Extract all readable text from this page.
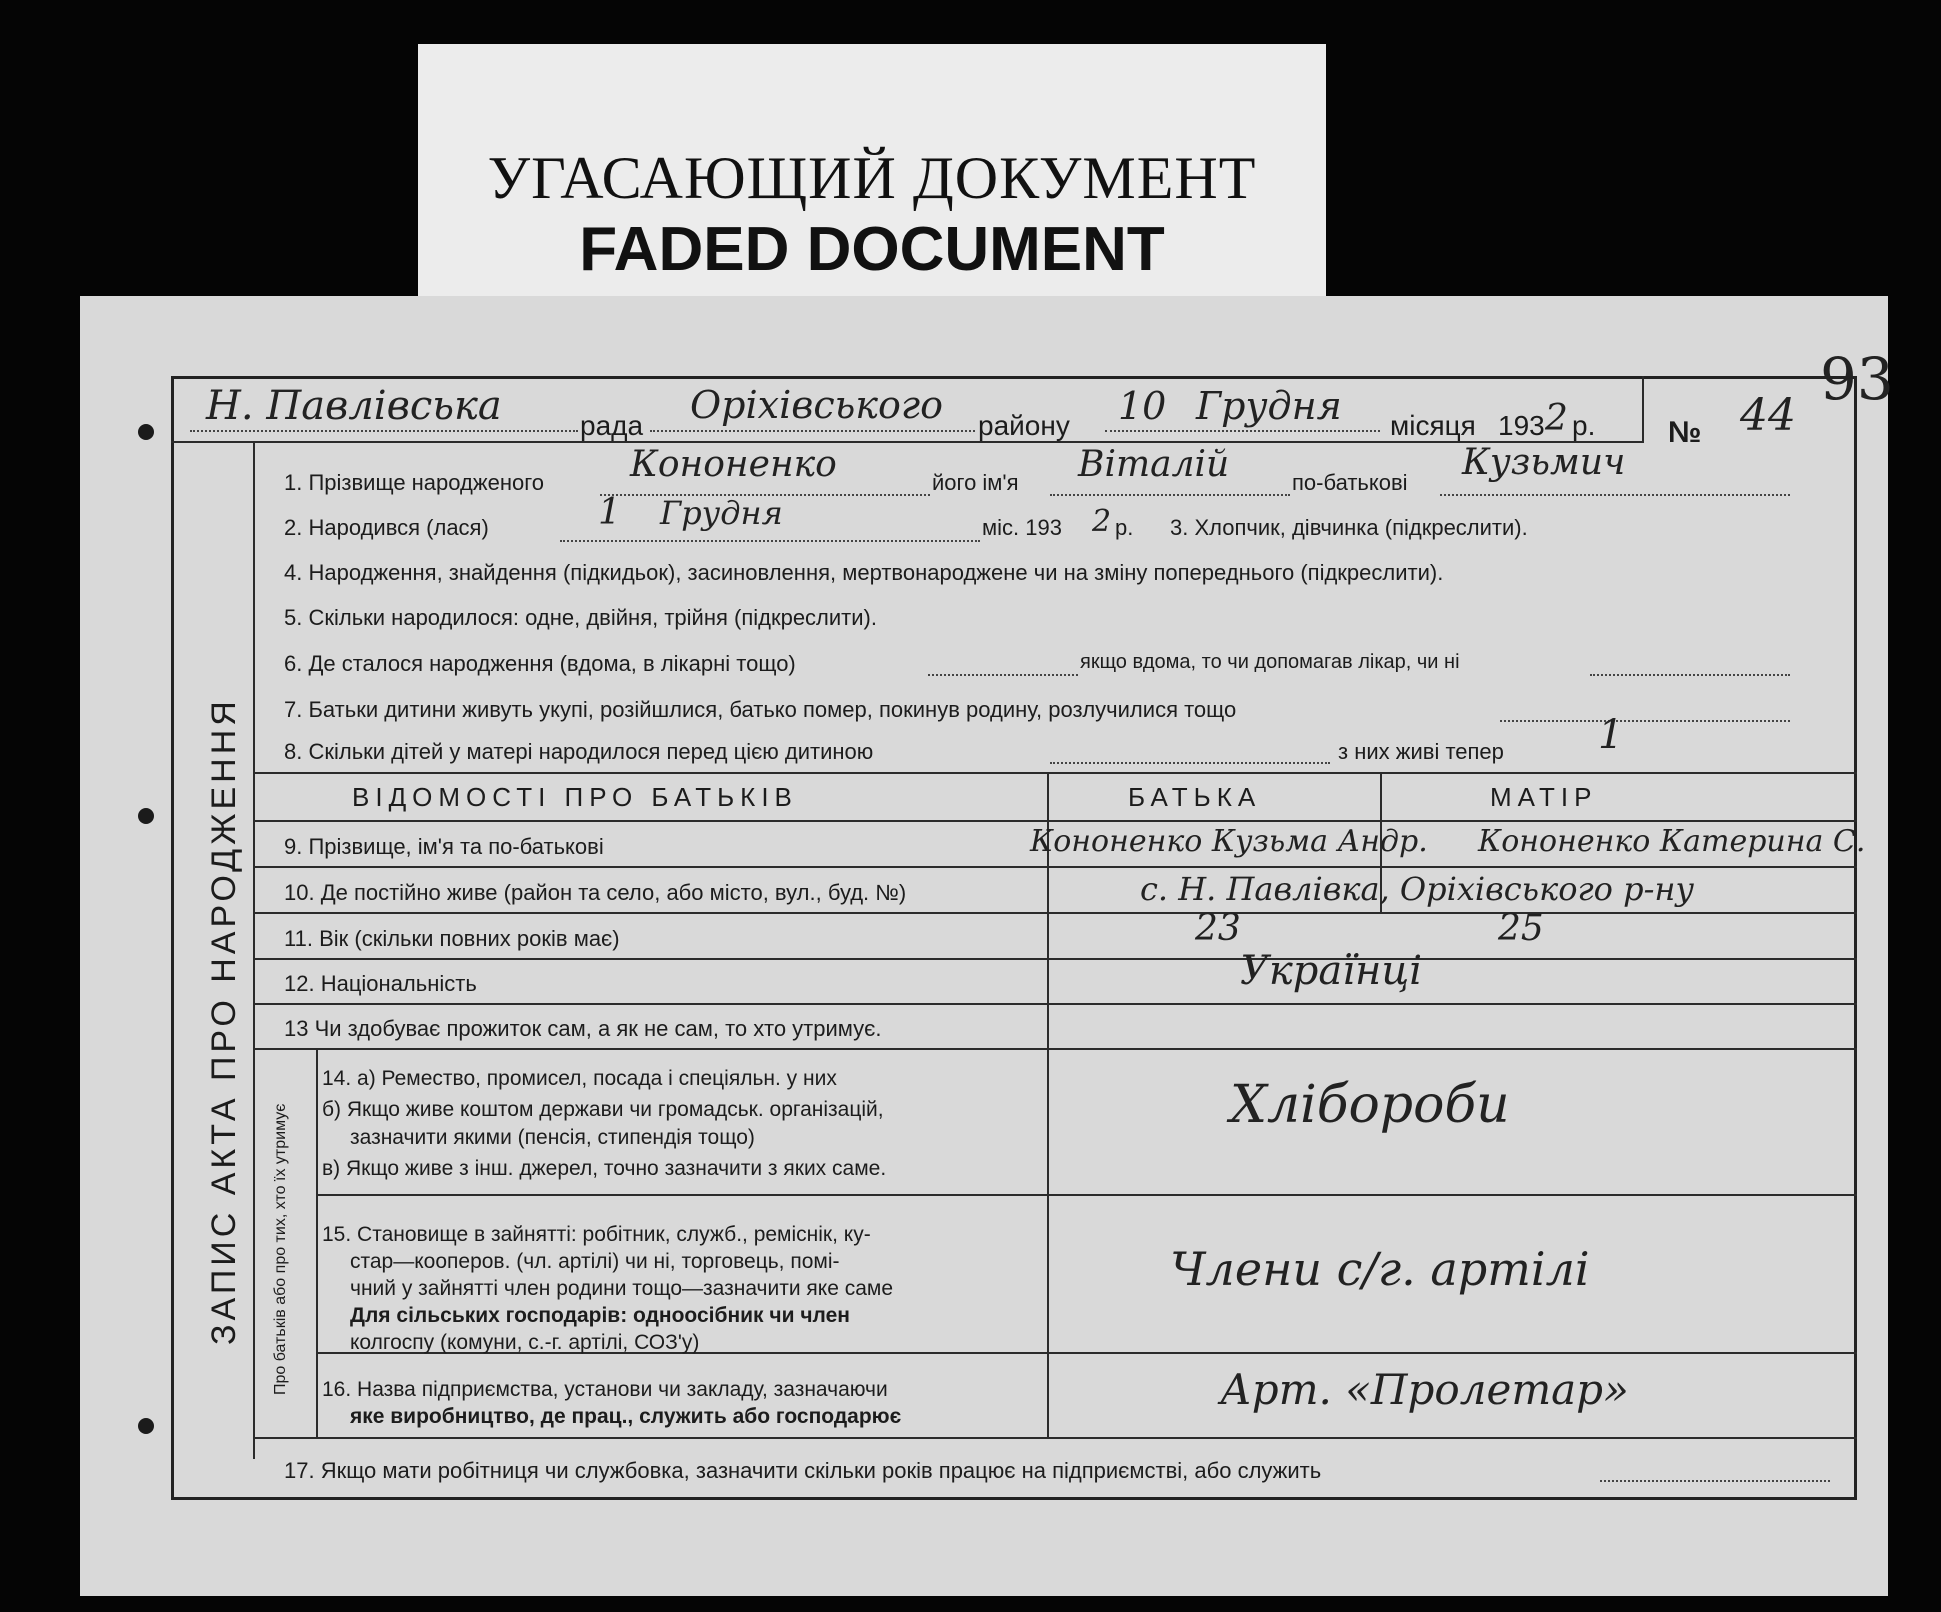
УГАСАЮЩИЙ ДОКУМЕНТ
FADED DOCUMENT
93
ЗАПИС АКТА ПРО НАРОДЖЕННЯ Про батьків або про тих, хто їх утримує
Н. Павлівська	рада Оріхівського району 10 Грудня місяця 193 2 р. № 44
1. Прізвище народженого Кононенко	його ім'я Віталій	по-батькові Кузьмич
2. Народився (лася)	1 Грудня	міс. 193 2 р. 3. Хлопчик, дівчинка (підкреслити).
4. Народження, знайдення (підкидьок), засиновлення, мертвонароджене чи на зміну попереднього (підкреслити).
5. Скільки народилося: одне, двійня, трійня (підкреслити).
6. Де сталося народження (вдома, в лікарні тощо)	якщо вдома, то чи допомагав лікар, чи ні
7. Батьки дитини живуть укупі, розійшлися, батько помер, покинув родину, розлучилися тощо
8. Скільки дітей у матері народилося перед цією дитиною	з них живі тепер 1
ВІДОМОСТІ ПРО БАТЬКІВ	БАТЬКА	МАТІР
9. Прізвище, ім'я та по-батькові	Кононенко Кузьма Андр. Кононенко Катерина С.
10. Де постійно живе (район та село, або місто, вул., буд. №)	с. Н. Павлівка, Оріхівського р-ну
11. Вік (скільки повних років має)	23	25
12. Національність	Українці
13 Чи здобуває прожиток сам, а як не сам, то хто утримує.
14. а) Ремество, промисел, посада і спеціяльн. у них
б) Якщо живе коштом держави чи громадськ. організацій,
зазначити якими (пенсія, стипендія тощо)
в) Якщо живе з інш. джерел, точно зазначити з яких саме.
Хлібороби
15. Становище в зайнятті: робітник, служб., реміснік, ку-
стар—кооперов. (чл. артілі) чи ні, торговець, помі-
чний у зайнятті член родини тощо—зазначити яке саме
Для сільських господарів: одноосібник чи член
колгоспу (комуни, с.-г. артілі, СОЗ'у)
Члени с/г. артілі
16. Назва підприємства, установи чи закладу, зазначаючи
яке виробництво, де прац., служить або господарює
Арт. «Пролетар»
17. Якщо мати робітниця чи службовка, зазначити скільки років працює на підприємстві, або служить
